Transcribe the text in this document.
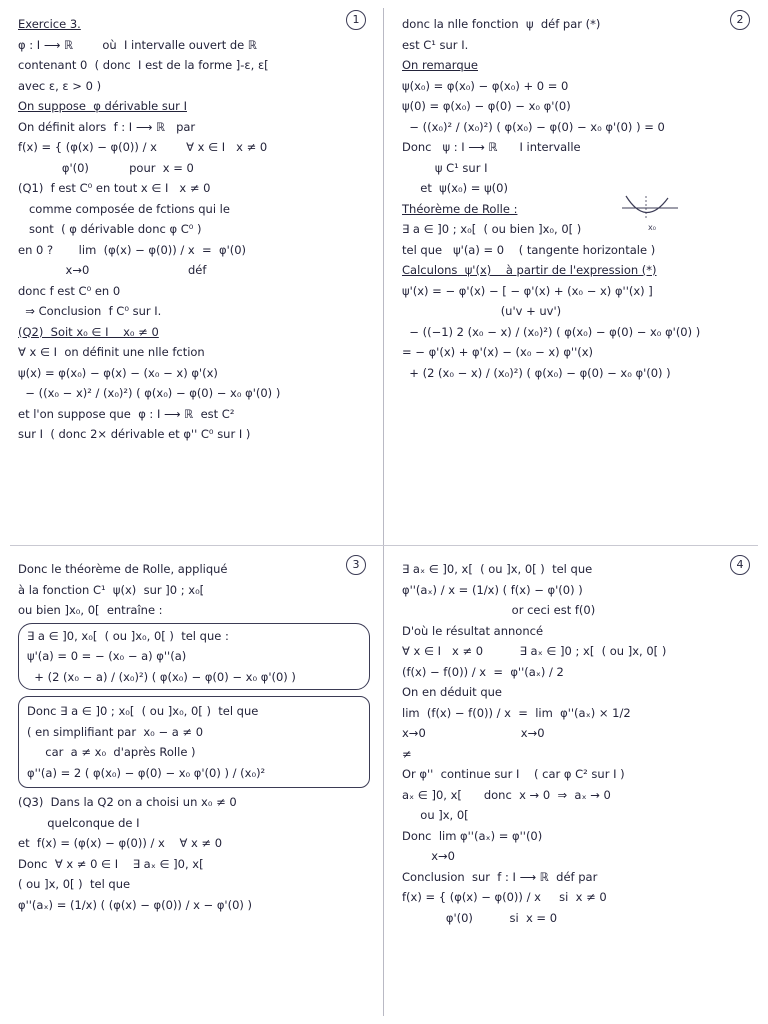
1

Exercice 3.

φ : I ⟶ ℝ        où  I intervalle ouvert de ℝ

contenant 0  ( donc  I est de la forme ]-ε, ε[

avec ε, ε > 0 )

On suppose  φ dérivable sur I

On définit alors  f : I ⟶ ℝ   par

f(x) = { (φ(x) − φ(0)) / x        ∀ x ∈ I   x ≠ 0

φ'(0)           pour  x = 0

(Q1)  f est C⁰ en tout x ∈ I   x ≠ 0

comme composée de fctions qui le

sont  ( φ dérivable donc φ C⁰ )

en 0 ?       lim  (φ(x) − φ(0)) / x  =  φ'(0)

x→0                           déf

donc f est C⁰ en 0

⇒ Conclusion  f C⁰ sur I.

(Q2)  Soit x₀ ∈ I    x₀ ≠ 0

∀ x ∈ I  on définit une nlle fction

ψ(x) = φ(x₀) − φ(x) − (x₀ − x) φ'(x)

− ((x₀ − x)² / (x₀)²) ( φ(x₀) − φ(0) − x₀ φ'(0) )

et l'on suppose que  φ : I ⟶ ℝ  est C²

sur I  ( donc 2× dérivable et φ'' C⁰ sur I )

2

donc la nlle fonction  ψ  déf par (*)

est C¹ sur I.

On remarque

ψ(x₀) = φ(x₀) − φ(x₀) + 0 = 0

ψ(0) = φ(x₀) − φ(0) − x₀ φ'(0)

− ((x₀)² / (x₀)²) ( φ(x₀) − φ(0) − x₀ φ'(0) ) = 0

Donc   ψ : I ⟶ ℝ      I intervalle

ψ C¹ sur I

et  ψ(x₀) = ψ(0)

Théorème de Rolle :

∃ a ∈ ]0 ; x₀[  ( ou bien ]x₀, 0[ )

tel que   ψ'(a) = 0    ( tangente horizontale )

Calculons  ψ'(x)    à partir de l'expression (*)

ψ'(x) = − φ'(x) − [ − φ'(x) + (x₀ − x) φ''(x) ]

(u'v + uv')

− ((−1) 2 (x₀ − x) / (x₀)²) ( φ(x₀) − φ(0) − x₀ φ'(0) )

= − φ'(x) + φ'(x) − (x₀ − x) φ''(x)

+ (2 (x₀ − x) / (x₀)²) ( φ(x₀) − φ(0) − x₀ φ'(0) )

x₀
3

Donc le théorème de Rolle, appliqué

à la fonction C¹  ψ(x)  sur ]0 ; x₀[

ou bien ]x₀, 0[  entraîne :

∃ a ∈ ]0, x₀[  ( ou ]x₀, 0[ )  tel que :

ψ'(a) = 0 = − (x₀ − a) φ''(a)

+ (2 (x₀ − a) / (x₀)²) ( φ(x₀) − φ(0) − x₀ φ'(0) )

Donc ∃ a ∈ ]0 ; x₀[  ( ou ]x₀, 0[ )  tel que

( en simplifiant par  x₀ − a ≠ 0

car  a ≠ x₀  d'après Rolle )

φ''(a) = 2 ( φ(x₀) − φ(0) − x₀ φ'(0) ) / (x₀)²

(Q3)  Dans la Q2 on a choisi un x₀ ≠ 0

quelconque de I

et  f(x) = (φ(x) − φ(0)) / x    ∀ x ≠ 0

Donc  ∀ x ≠ 0 ∈ I    ∃ aₓ ∈ ]0, x[

( ou ]x, 0[ )  tel que

φ''(aₓ) = (1/x) ( (φ(x) − φ(0)) / x − φ'(0) )

4

∃ aₓ ∈ ]0, x[  ( ou ]x, 0[ )  tel que

φ''(aₓ) / x = (1/x) ( f(x) − φ'(0) )

or ceci est f(0)

D'où le résultat annoncé

∀ x ∈ I   x ≠ 0          ∃ aₓ ∈ ]0 ; x[  ( ou ]x, 0[ )

(f(x) − f(0)) / x  =  φ''(aₓ) / 2

On en déduit que

lim  (f(x) − f(0)) / x  =  lim  φ''(aₓ) × 1/2

x→0                          x→0

≠

Or φ''  continue sur I    ( car φ C² sur I )

aₓ ∈ ]0, x[      donc  x → 0  ⇒  aₓ → 0

ou ]x, 0[

Donc  lim φ''(aₓ) = φ''(0)

x→0

Conclusion  sur  f : I ⟶ ℝ  déf par

f(x) = { (φ(x) − φ(0)) / x     si  x ≠ 0

φ'(0)          si  x = 0
